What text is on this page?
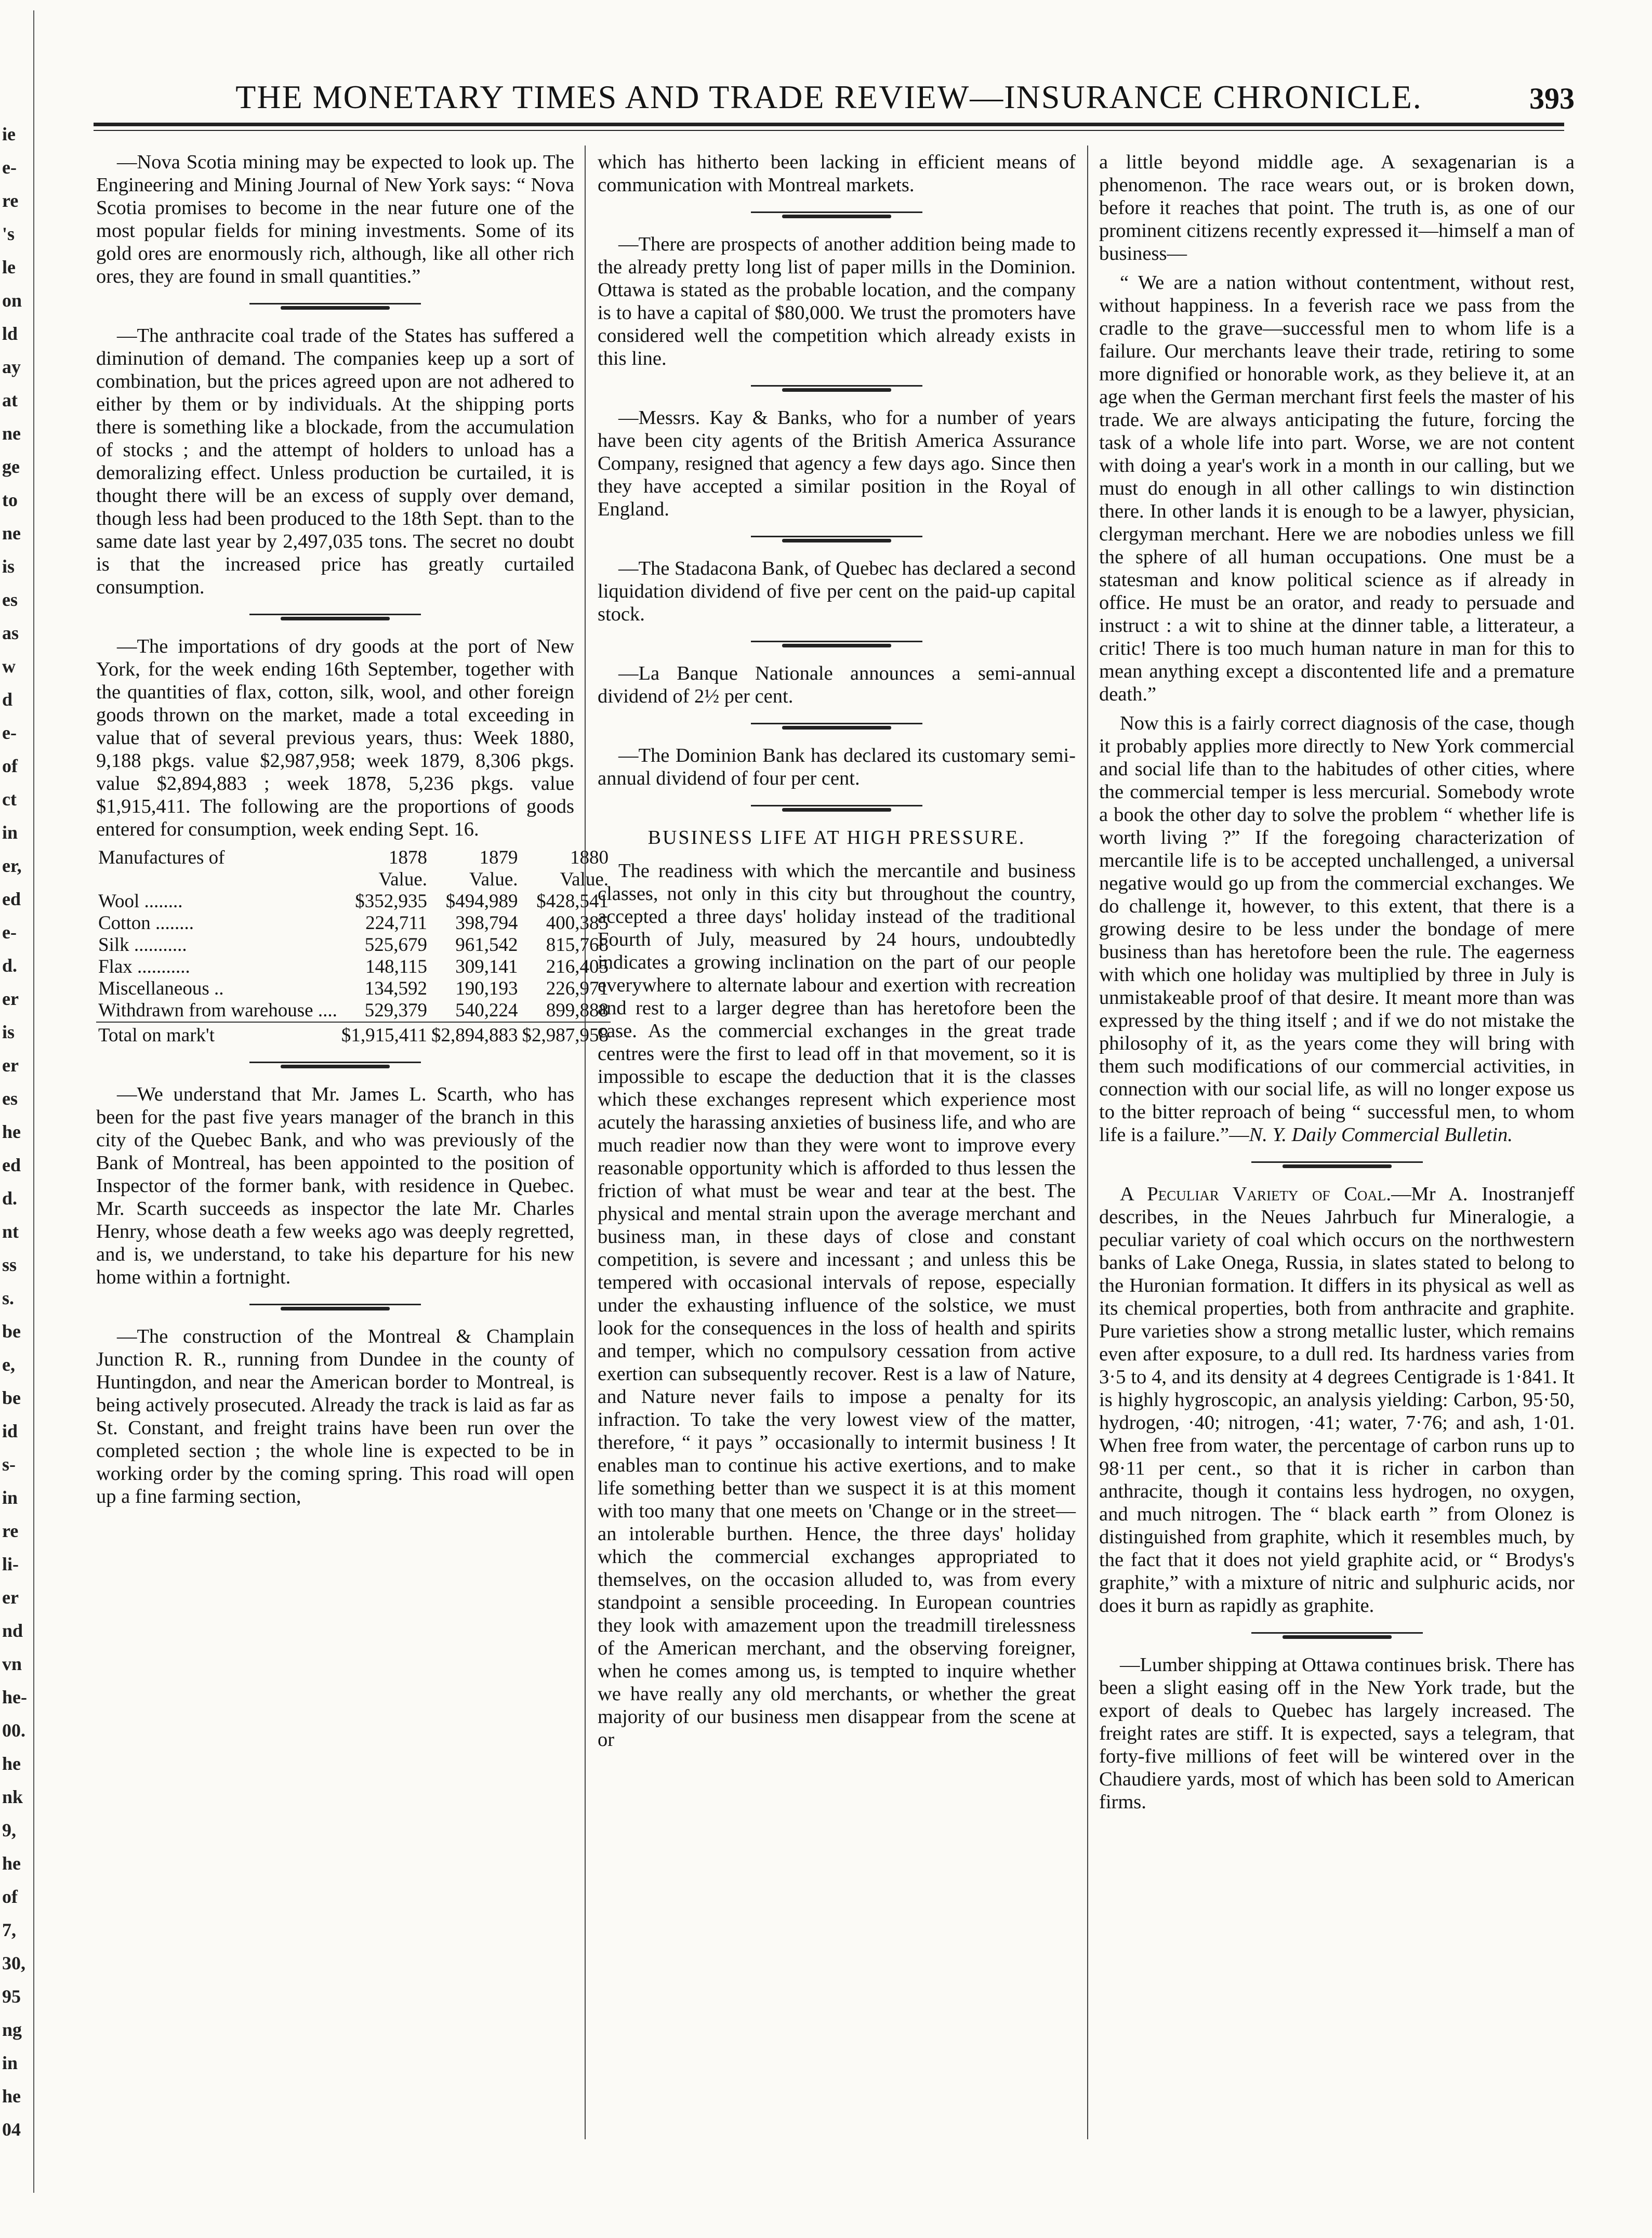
ie
e-
re
's
le
on
ld
ay
at
ne
ge
to
ne
is
es
as
w
d
e-
of
ct
in
er,
ed
e-
d.
er
is
er
es
he
ed
d.
nt
ss
s.
be
e,
be
id
s-
in
re
li-
er
nd
vn
he-
00.
he
nk
9,
he
of
7,
30,
95
ng
in
he
04
THE MONETARY TIMES AND TRADE REVIEW—INSURANCE CHRONICLE.	393

—Nova Scotia mining may be expected to look up. The Engineering and Mining Journal of New York says: “ Nova Scotia promises to become in the near future one of the most popular fields for mining investments. Some of its gold ores are enormously rich, although, like all other rich ores, they are found in small quantities.”

—The anthracite coal trade of the States has suffered a diminution of demand. The companies keep up a sort of combination, but the prices agreed upon are not adhered to either by them or by individuals. At the shipping ports there is something like a blockade, from the accumulation of stocks ; and the attempt of holders to unload has a demoralizing effect. Unless production be curtailed, it is thought there will be an excess of supply over demand, though less had been produced to the 18th Sept. than to the same date last year by 2,497,035 tons. The secret no doubt is that the increased price has greatly curtailed consumption.

—The importations of dry goods at the port of New York, for the week ending 16th September, together with the quantities of flax, cotton, silk, wool, and other foreign goods thrown on the market, made a total exceeding in value that of several previous years, thus: Week 1880, 9,188 pkgs. value $2,987,958; week 1879, 8,306 pkgs. value $2,894,883 ; week 1878, 5,236 pkgs. value $1,915,411. The following are the proportions of goods entered for consumption, week ending Sept. 16.

Manufactures of	1878	1879	1880
	Value.	Value.	Value.
Wool ........	$352,935	$494,989	$428,541
Cotton ........	224,711	398,794	400,385
Silk ...........	525,679	961,542	815,768
Flax ...........	148,115	309,141	216,405
Miscellaneous ..	134,592	190,193	226,971
Withdrawn from warehouse ....	529,379	540,224	899,888
Total on mark't	$1,915,411	$2,894,883	$2,987,958

—We understand that Mr. James L. Scarth, who has been for the past five years manager of the branch in this city of the Quebec Bank, and who was previously of the Bank of Montreal, has been appointed to the position of Inspector of the former bank, with residence in Quebec. Mr. Scarth succeeds as inspector the late Mr. Charles Henry, whose death a few weeks ago was deeply regretted, and is, we understand, to take his departure for his new home within a fortnight.

—The construction of the Montreal & Champlain Junction R. R., running from Dundee in the county of Huntingdon, and near the American border to Montreal, is being actively prosecuted. Already the track is laid as far as St. Constant, and freight trains have been run over the completed section ; the whole line is expected to be in working order by the coming spring. This road will open up a fine farming section,

which has hitherto been lacking in efficient means of communication with Montreal markets.

—There are prospects of another addition being made to the already pretty long list of paper mills in the Dominion. Ottawa is stated as the probable location, and the company is to have a capital of $80,000. We trust the promoters have considered well the competition which already exists in this line.

—Messrs. Kay & Banks, who for a number of years have been city agents of the British America Assurance Company, resigned that agency a few days ago. Since then they have accepted a similar position in the Royal of England.

—The Stadacona Bank, of Quebec has declared a second liquidation dividend of five per cent on the paid-up capital stock.

—La Banque Nationale announces a semi-annual dividend of 2½ per cent.

—The Dominion Bank has declared its customary semi-annual dividend of four per cent.

BUSINESS LIFE AT HIGH PRESSURE.

The readiness with which the mercantile and business classes, not only in this city but throughout the country, accepted a three days' holiday instead of the traditional Fourth of July, measured by 24 hours, undoubtedly indicates a growing inclination on the part of our people everywhere to alternate labour and exertion with recreation and rest to a larger degree than has heretofore been the case. As the commercial exchanges in the great trade centres were the first to lead off in that movement, so it is impossible to escape the deduction that it is the classes which these exchanges represent which experience most acutely the harassing anxieties of business life, and who are much readier now than they were wont to improve every reasonable opportunity which is afforded to thus lessen the friction of what must be wear and tear at the best. The physical and mental strain upon the average merchant and business man, in these days of close and constant competition, is severe and incessant ; and unless this be tempered with occasional intervals of repose, especially under the exhausting influence of the solstice, we must look for the consequences in the loss of health and spirits and temper, which no compulsory cessation from active exertion can subsequently recover. Rest is a law of Nature, and Nature never fails to impose a penalty for its infraction. To take the very lowest view of the matter, therefore, “ it pays ” occasionally to intermit business ! It enables man to continue his active exertions, and to make life something better than we suspect it is at this moment with too many that one meets on 'Change or in the street—an intolerable burthen. Hence, the three days' holiday which the commercial exchanges appropriated to themselves, on the occasion alluded to, was from every standpoint a sensible proceeding. In European countries they look with amazement upon the treadmill tirelessness of the American merchant, and the observing foreigner, when he comes among us, is tempted to inquire whether we have really any old merchants, or whether the great majority of our business men disappear from the scene at or

a little beyond middle age. A sexagenarian is a phenomenon. The race wears out, or is broken down, before it reaches that point. The truth is, as one of our prominent citizens recently expressed it—himself a man of business—

“ We are a nation without contentment, without rest, without happiness. In a feverish race we pass from the cradle to the grave—successful men to whom life is a failure. Our merchants leave their trade, retiring to some more dignified or honorable work, as they believe it, at an age when the German merchant first feels the master of his trade. We are always anticipating the future, forcing the task of a whole life into part. Worse, we are not content with doing a year's work in a month in our calling, but we must do enough in all other callings to win distinction there. In other lands it is enough to be a lawyer, physician, clergyman merchant. Here we are nobodies unless we fill the sphere of all human occupations. One must be a statesman and know political science as if already in office. He must be an orator, and ready to persuade and instruct : a wit to shine at the dinner table, a litterateur, a critic! There is too much human nature in man for this to mean anything except a discontented life and a premature death.”

Now this is a fairly correct diagnosis of the case, though it probably applies more directly to New York commercial and social life than to the habitudes of other cities, where the commercial temper is less mercurial. Somebody wrote a book the other day to solve the problem “ whether life is worth living ?” If the foregoing characterization of mercantile life is to be accepted unchallenged, a universal negative would go up from the commercial exchanges. We do challenge it, however, to this extent, that there is a growing desire to be less under the bondage of mere business than has heretofore been the rule. The eagerness with which one holiday was multiplied by three in July is unmistakeable proof of that desire. It meant more than was expressed by the thing itself ; and if we do not mistake the philosophy of it, as the years come they will bring with them such modifications of our commercial activities, in connection with our social life, as will no longer expose us to the bitter reproach of being “ successful men, to whom life is a failure.”—N. Y. Daily Commercial Bulletin.

A Peculiar Variety of Coal.—Mr A. Inostranjeff describes, in the Neues Jahrbuch fur Mineralogie, a peculiar variety of coal which occurs on the northwestern banks of Lake Onega, Russia, in slates stated to belong to the Huronian formation. It differs in its physical as well as its chemical properties, both from anthracite and graphite. Pure varieties show a strong metallic luster, which remains even after exposure, to a dull red. Its hardness varies from 3·5 to 4, and its density at 4 degrees Centigrade is 1·841. It is highly hygroscopic, an analysis yielding: Carbon, 95·50, hydrogen, ·40; nitrogen, ·41; water, 7·76; and ash, 1·01. When free from water, the percentage of carbon runs up to 98·11 per cent., so that it is richer in carbon than anthracite, though it contains less hydrogen, no oxygen, and much nitrogen. The “ black earth ” from Olonez is distinguished from graphite, which it resembles much, by the fact that it does not yield graphite acid, or “ Brodys's graphite,” with a mixture of nitric and sulphuric acids, nor does it burn as rapidly as graphite.

—Lumber shipping at Ottawa continues brisk. There has been a slight easing off in the New York trade, but the export of deals to Quebec has largely increased. The freight rates are stiff. It is expected, says a telegram, that forty-five millions of feet will be wintered over in the Chaudiere yards, most of which has been sold to American firms.
